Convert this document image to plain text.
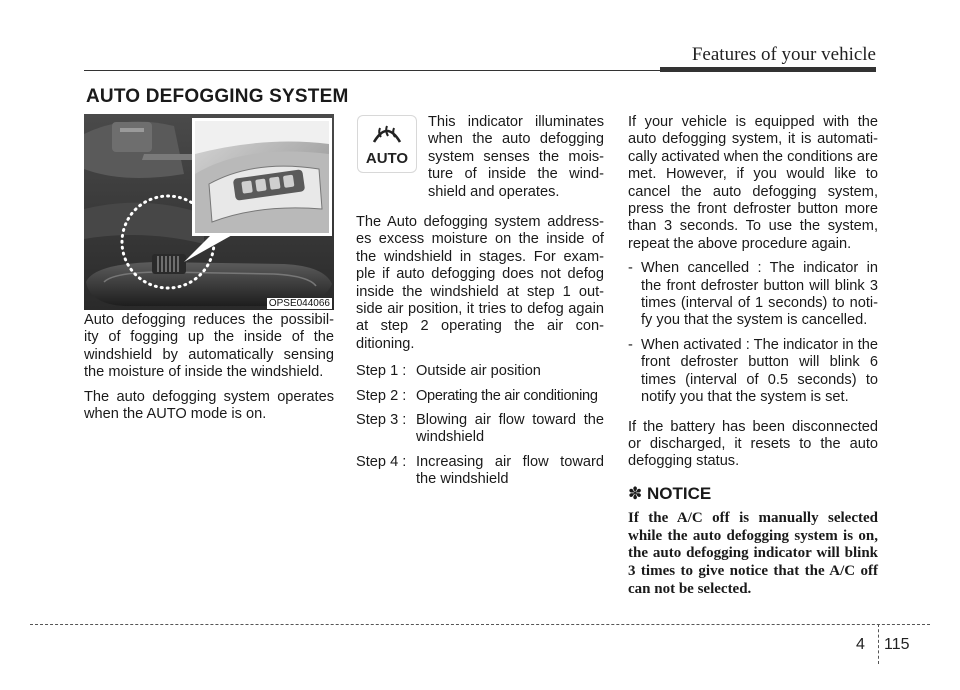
Features of your vehicle
AUTO DEFOGGING SYSTEM
OPSE044066

Auto defogging reduces the possibil- ity of fogging up the inside of the windshield by automatically sensing the moisture of inside the windshield.

The auto defogging system operates when the AUTO mode is on.

AUTO

This indicator illuminates when the auto defogging system senses the mois- ture of inside the wind- shield and operates.

The Auto defogging system address- es excess moisture on the inside of the windshield in stages. For exam- ple if auto defogging does not defog inside the windshield at step 1 out- side air position, it tries to defog again at step 2 operating the air con- ditioning.

Step 1 : Outside air position
Step 2 : Operating the air conditioning
Step 3 : Blowing air flow toward the windshield
Step 4 : Increasing air flow toward the windshield

If your vehicle is equipped with the auto defogging system, it is automati- cally activated when the conditions are met. However, if you would like to cancel the auto defogging system, press the front defroster button more than 3 seconds. To use the system, repeat the above procedure again.

- When cancelled : The indicator in the front defroster button will blink 3 times (interval of 1 seconds) to noti- fy you that the system is cancelled.
- When activated : The indicator in the front defroster button will blink 6 times (interval of 0.5 seconds) to notify you that the system is set.

If the battery has been disconnected or discharged, it resets to the auto defogging status.

✽ NOTICE

If the A/C off is manually selected while the auto defogging system is on, the auto defogging indicator will blink 3 times to give notice that the A/C off can not be selected.

4 115
